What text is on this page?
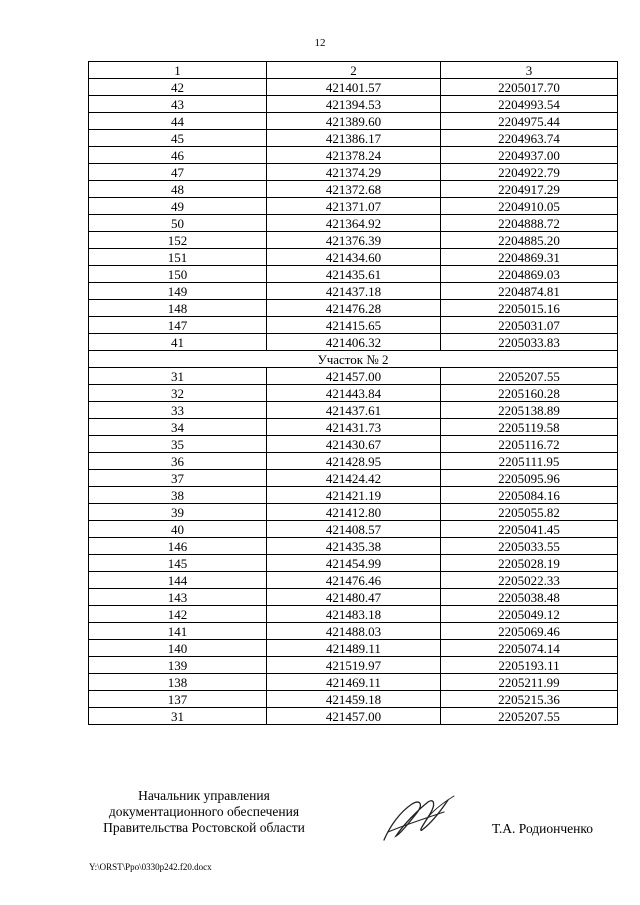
12
1	2	3
42	421401.57	2205017.70
43	421394.53	2204993.54
44	421389.60	2204975.44
45	421386.17	2204963.74
46	421378.24	2204937.00
47	421374.29	2204922.79
48	421372.68	2204917.29
49	421371.07	2204910.05
50	421364.92	2204888.72
152	421376.39	2204885.20
151	421434.60	2204869.31
150	421435.61	2204869.03
149	421437.18	2204874.81
148	421476.28	2205015.16
147	421415.65	2205031.07
41	421406.32	2205033.83
Участок № 2		
31	421457.00	2205207.55
32	421443.84	2205160.28
33	421437.61	2205138.89
34	421431.73	2205119.58
35	421430.67	2205116.72
36	421428.95	2205111.95
37	421424.42	2205095.96
38	421421.19	2205084.16
39	421412.80	2205055.82
40	421408.57	2205041.45
146	421435.38	2205033.55
145	421454.99	2205028.19
144	421476.46	2205022.33
143	421480.47	2205038.48
142	421483.18	2205049.12
141	421488.03	2205069.46
140	421489.11	2205074.14
139	421519.97	2205193.11
138	421469.11	2205211.99
137	421459.18	2205215.36
31	421457.00	2205207.55
Начальник управления
документационного обеспечения
Правительства Ростовской области	Т.А. Родионченко
Y:\ORST\Ppo\0330p242.f20.docx
